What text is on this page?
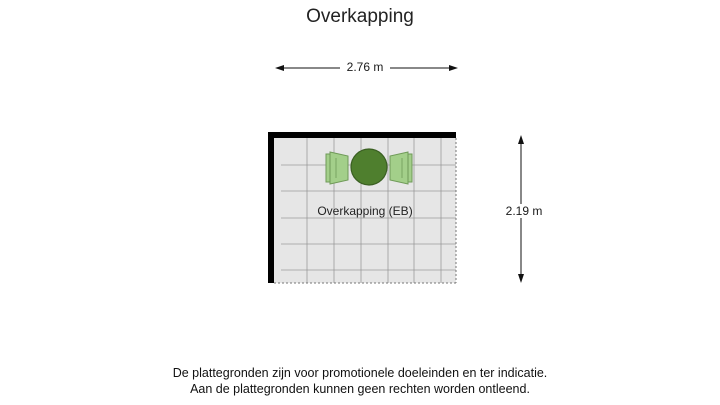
Overkapping
2.76 m
2.19 m
Overkapping (EB)
De plattegronden zijn voor promotionele doeleinden en ter indicatie.
Aan de plattegronden kunnen geen rechten worden ontleend.
